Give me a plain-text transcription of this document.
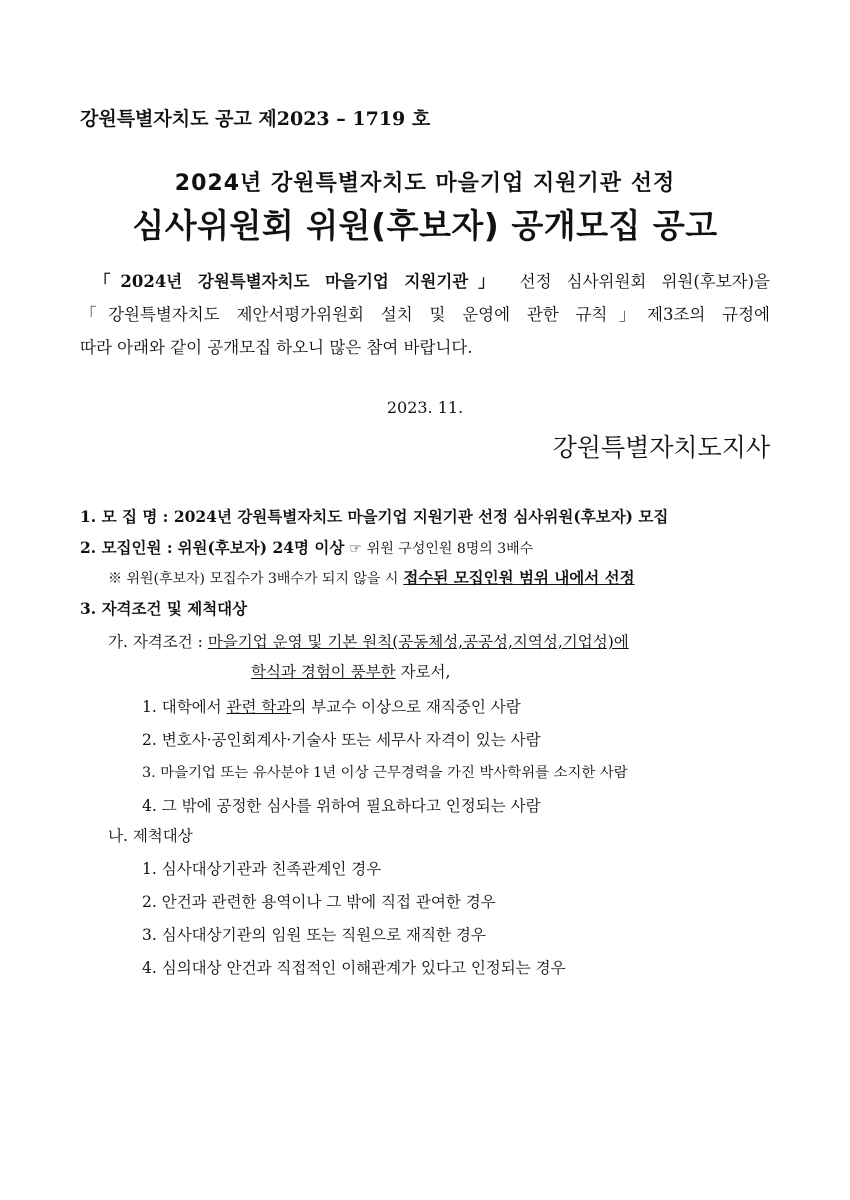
강원특별자치도 공고 제2023 – 1719 호
2024년 강원특별자치도 마을기업 지원기관 선정
심사위원회 위원(후보자) 공개모집 공고
「2024년 강원특별자치도 마을기업 지원기관」 선정 심사위원회 위원(후보자)을
「강원특별자치도 제안서평가위원회 설치 및 운영에 관한 규칙」제3조의 규정에
따라 아래와 같이 공개모집 하오니 많은 참여 바랍니다.
2023. 11.
강원특별자치도지사
1. 모 집 명 : 2024년 강원특별자치도 마을기업 지원기관 선정 심사위원(후보자) 모집
2. 모집인원 : 위원(후보자) 24명 이상 ☞ 위원 구성인원 8명의 3배수
※ 위원(후보자) 모집수가 3배수가 되지 않을 시 접수된 모집인원 범위 내에서 선정
3. 자격조건 및 제척대상
가. 자격조건 : 마을기업 운영 및 기본 원칙(공동체성,공공성,지역성,기업성)에
학식과 경험이 풍부한 자로서,
1. 대학에서 관련 학과의 부교수 이상으로 재직중인 사람
2. 변호사·공인회계사·기술사 또는 세무사 자격이 있는 사람
3. 마을기업 또는 유사분야 1년 이상 근무경력을 가진 박사학위를 소지한 사람
4. 그 밖에 공정한 심사를 위하여 필요하다고 인정되는 사람
나. 제척대상
1. 심사대상기관과 친족관계인 경우
2. 안건과 관련한 용역이나 그 밖에 직접 관여한 경우
3. 심사대상기관의 임원 또는 직원으로 재직한 경우
4. 심의대상 안건과 직접적인 이해관계가 있다고 인정되는 경우
